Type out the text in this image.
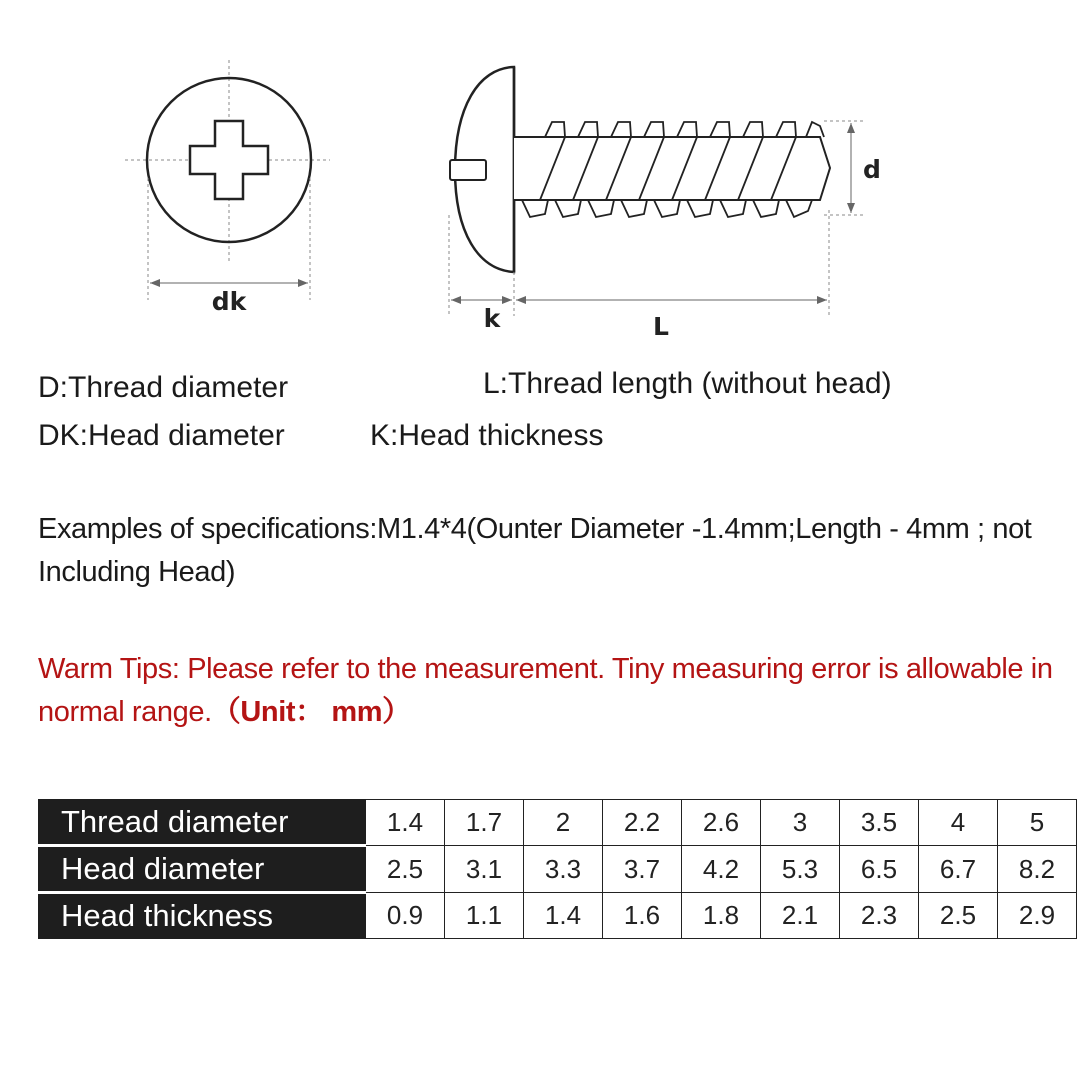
dk
k	L
d
D:Thread diameter	L:Thread length (without head)
DK:Head diameter	K:Head thickness
Examples of specifications:M1.4*4(Ounter Diameter -1.4mm;Length - 4mm ; not Including Head)
Warm Tips: Please refer to the measurement. Tiny measuring error is allowable in normal range.（Unit： mm）
Thread diameter	1.4	1.7	2	2.2	2.6	3	3.5	4	5
Head diameter	2.5	3.1	3.3	3.7	4.2	5.3	6.5	6.7	8.2
Head thickness	0.9	1.1	1.4	1.6	1.8	2.1	2.3	2.5	2.9
